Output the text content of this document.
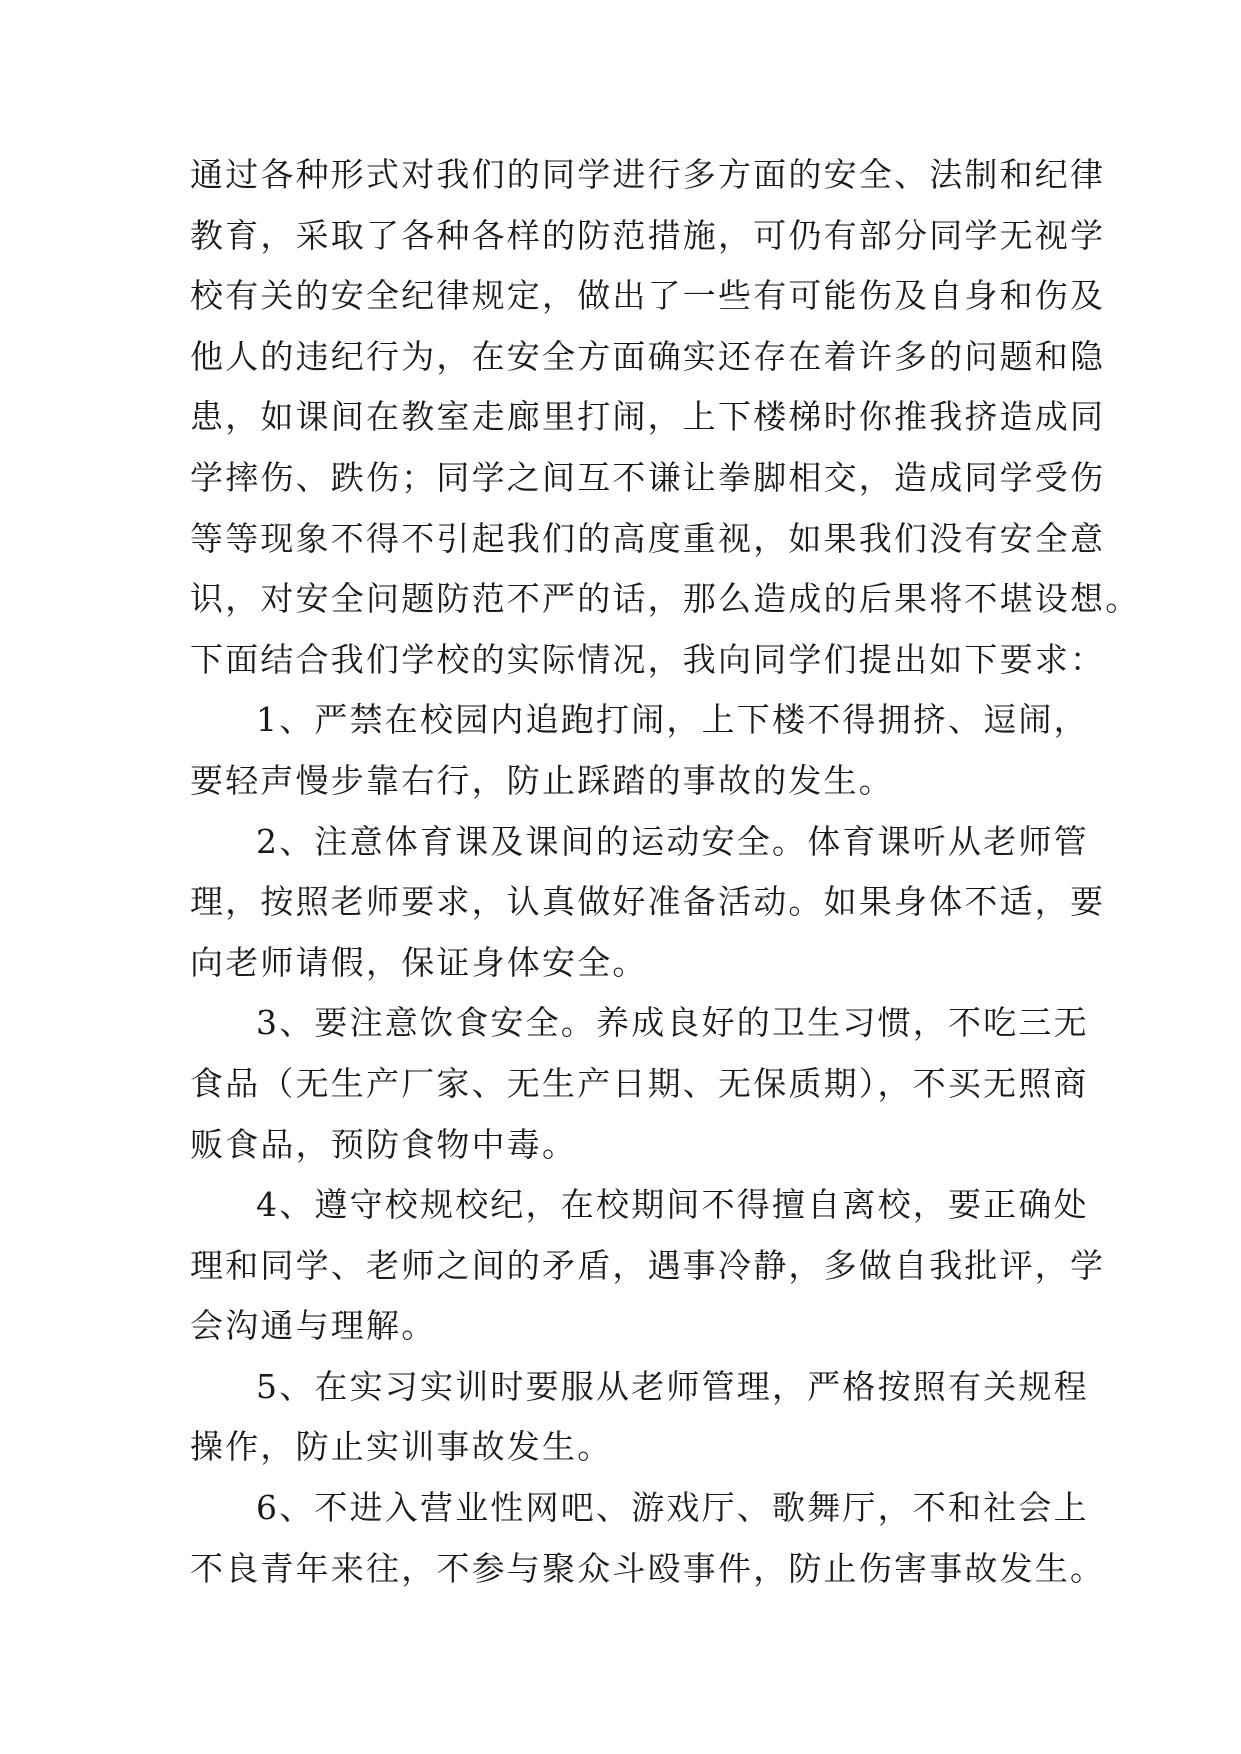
通过各种形式对我们的同学进行多方面的安全、法制和纪律
教育，采取了各种各样的防范措施，可仍有部分同学无视学
校有关的安全纪律规定，做出了一些有可能伤及自身和伤及
他人的违纪行为，在安全方面确实还存在着许多的问题和隐
患，如课间在教室走廊里打闹，上下楼梯时你推我挤造成同
学摔伤、跌伤；同学之间互不谦让拳脚相交，造成同学受伤
等等现象不得不引起我们的高度重视，如果我们没有安全意
识，对安全问题防范不严的话，那么造成的后果将不堪设想。
下面结合我们学校的实际情况，我向同学们提出如下要求：
1、严禁在校园内追跑打闹，上下楼不得拥挤、逗闹，
要轻声慢步靠右行，防止踩踏的事故的发生。
2、注意体育课及课间的运动安全。体育课听从老师管
理，按照老师要求，认真做好准备活动。如果身体不适，要
向老师请假，保证身体安全。
3、要注意饮食安全。养成良好的卫生习惯，不吃三无
食品（无生产厂家、无生产日期、无保质期），不买无照商
贩食品，预防食物中毒。
4、遵守校规校纪，在校期间不得擅自离校，要正确处
理和同学、老师之间的矛盾，遇事冷静，多做自我批评，学
会沟通与理解。
5、在实习实训时要服从老师管理，严格按照有关规程
操作，防止实训事故发生。
6、不进入营业性网吧、游戏厅、歌舞厅，不和社会上
不良青年来往，不参与聚众斗殴事件，防止伤害事故发生。
